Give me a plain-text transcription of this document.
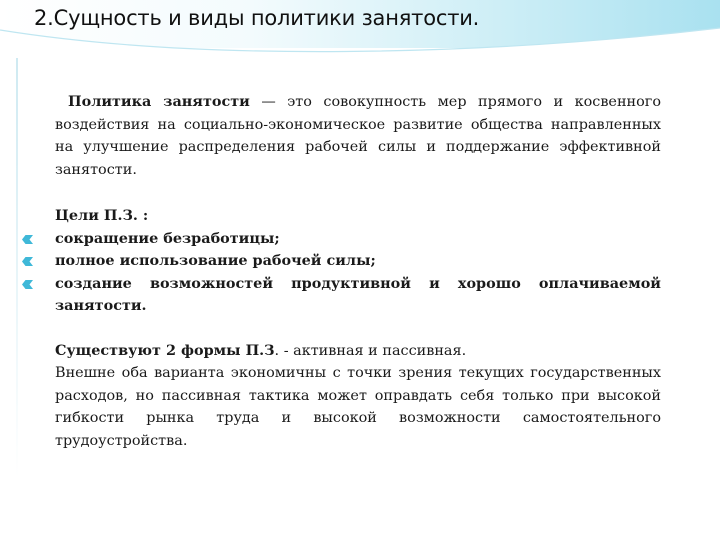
2.Сущность и виды политики занятости.

Политика занятости — это совокупность мер прямого и косвенного воздействия на социально-экономическое развитие общества направленных на улучшение распределения рабочей силы и поддержание эффективной занятости.

Цели П.З. :

сокращение безработицы;
полное использование рабочей силы;
создание возможностей продуктивной и хорошо оплачиваемой занятости.

Существуют 2 формы П.З. - активная и пассивная.

Внешне оба варианта экономичны с точки зрения текущих государственных расходов, но пассивная тактика может оправдать себя только при высокой гибкости рынка труда и высокой возможности самостоятельного трудоустройства.
